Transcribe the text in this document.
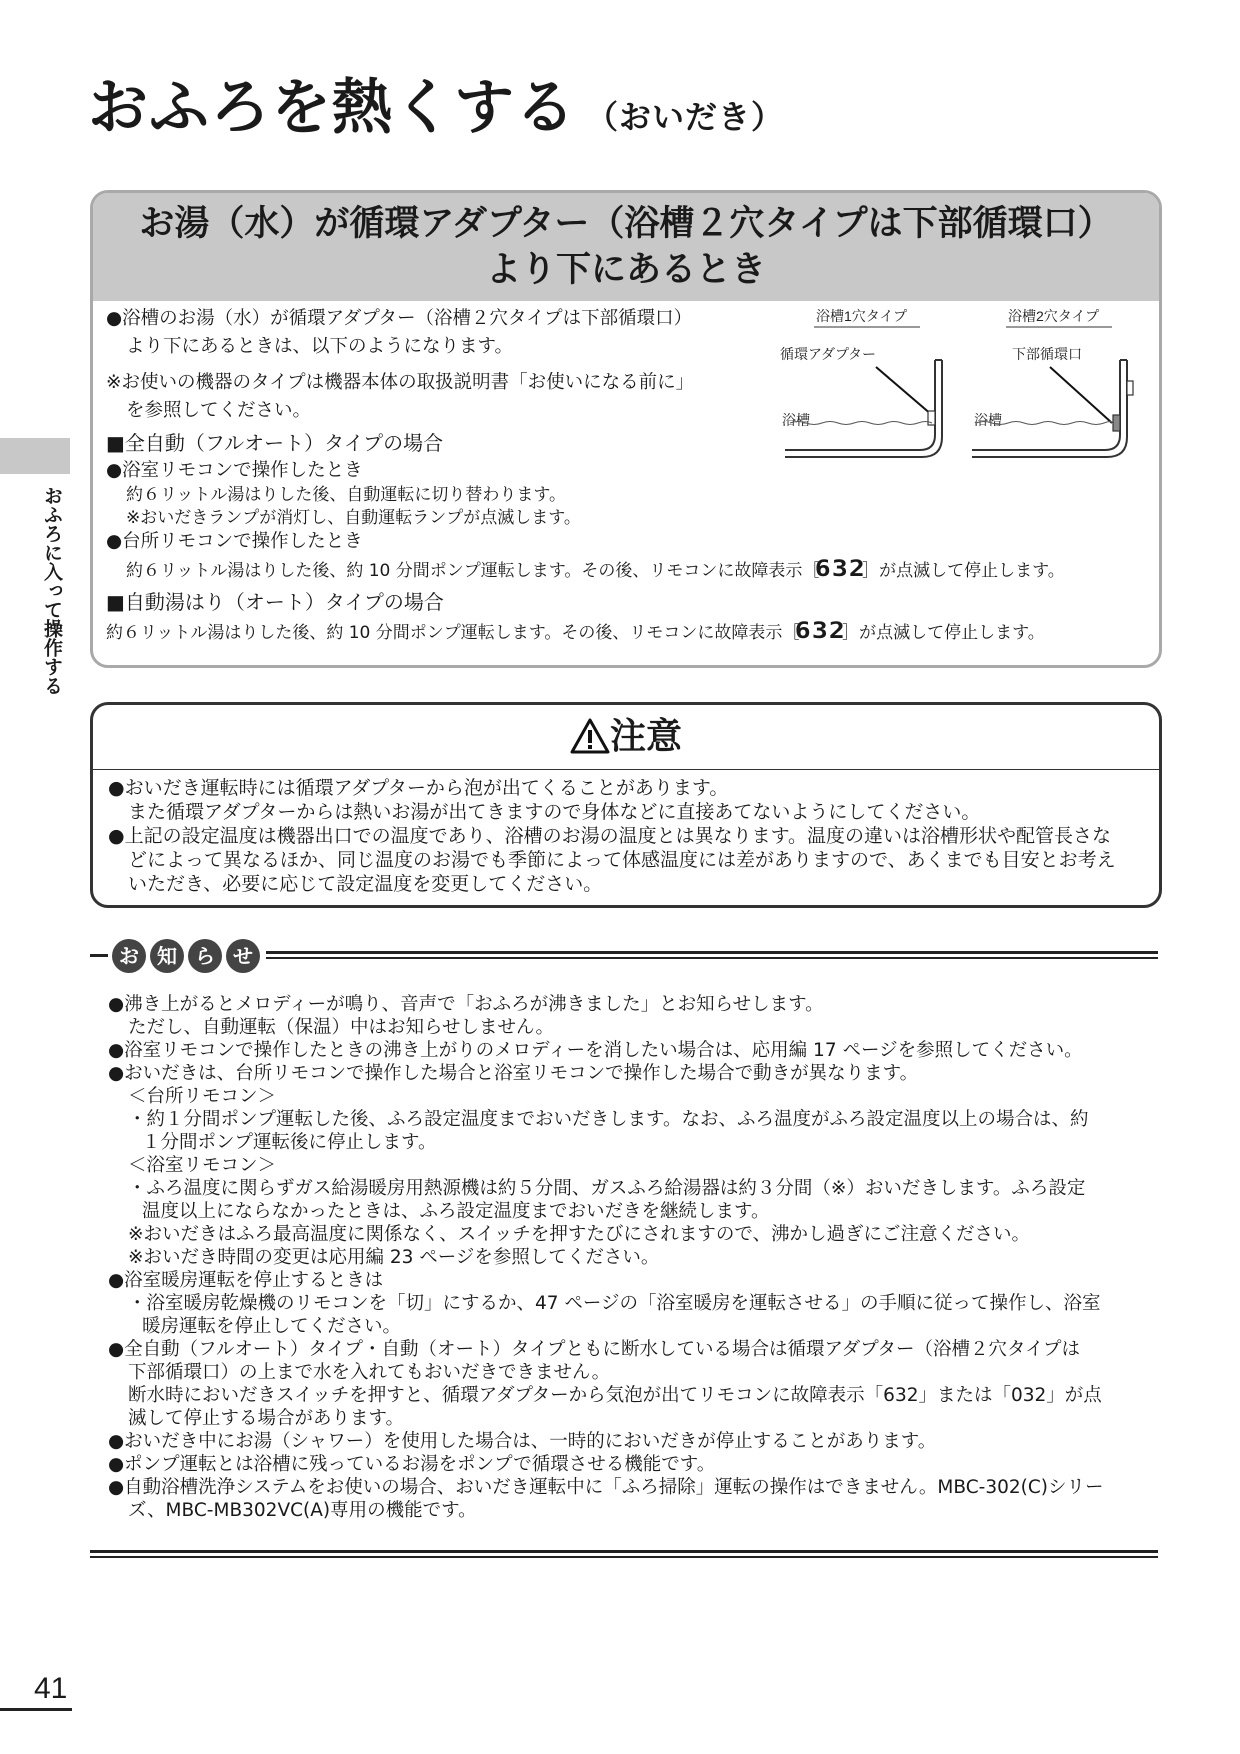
おふろを熱くする （おいだき）
おふろに入って操作する
お湯（水）が循環アダプター（浴槽２穴タイプは下部循環口）
より下にあるとき
●浴槽のお湯（水）が循環アダプター（浴槽２穴タイプは下部循環口）
より下にあるときは、以下のようになります。
※お使いの機器のタイプは機器本体の取扱説明書「お使いになる前に」
を参照してください。
■全自動（フルオート）タイプの場合
●浴室リモコンで操作したとき
約６リットル湯はりした後、自動運転に切り替わります。
※おいだきランプが消灯し、自動運転ランプが点滅します。
●台所リモコンで操作したとき
約６リットル湯はりした後、約 10 分間ポンプ運転します。その後、リモコンに故障表示［632］が点滅して停止します。
■自動湯はり（オート）タイプの場合
約６リットル湯はりした後、約 10 分間ポンプ運転します。その後、リモコンに故障表示［632］が点滅して停止します。
浴槽1穴タイプ
循環アダプター
浴槽
浴槽2穴タイプ
下部循環口
浴槽
注意
●おいだき運転時には循環アダプターから泡が出てくることがあります。
また循環アダプターからは熱いお湯が出てきますので身体などに直接あてないようにしてください。
●上記の設定温度は機器出口での温度であり、浴槽のお湯の温度とは異なります。温度の違いは浴槽形状や配管長さな
どによって異なるほか、同じ温度のお湯でも季節によって体感温度には差がありますので、あくまでも目安とお考え
いただき、必要に応じて設定温度を変更してください。
お 知 ら せ
●沸き上がるとメロディーが鳴り、音声で「おふろが沸きました」とお知らせします。
ただし、自動運転（保温）中はお知らせしません。
●浴室リモコンで操作したときの沸き上がりのメロディーを消したい場合は、応用編 17 ページを参照してください。
●おいだきは、台所リモコンで操作した場合と浴室リモコンで操作した場合で動きが異なります。
＜台所リモコン＞
・約１分間ポンプ運転した後、ふろ設定温度までおいだきします。なお、ふろ温度がふろ設定温度以上の場合は、約
１分間ポンプ運転後に停止します。
＜浴室リモコン＞
・ふろ温度に関らずガス給湯暖房用熱源機は約５分間、ガスふろ給湯器は約３分間（※）おいだきします。ふろ設定
温度以上にならなかったときは、ふろ設定温度までおいだきを継続します。
※おいだきはふろ最高温度に関係なく、スイッチを押すたびにされますので、沸かし過ぎにご注意ください。
※おいだき時間の変更は応用編 23 ページを参照してください。
●浴室暖房運転を停止するときは
・浴室暖房乾燥機のリモコンを「切」にするか、47 ページの「浴室暖房を運転させる」の手順に従って操作し、浴室
暖房運転を停止してください。
●全自動（フルオート）タイプ・自動（オート）タイプともに断水している場合は循環アダプター（浴槽２穴タイプは
下部循環口）の上まで水を入れてもおいだきできません。
断水時においだきスイッチを押すと、循環アダプターから気泡が出てリモコンに故障表示「632」または「032」が点
滅して停止する場合があります。
●おいだき中にお湯（シャワー）を使用した場合は、一時的においだきが停止することがあります。
●ポンプ運転とは浴槽に残っているお湯をポンプで循環させる機能です。
●自動浴槽洗浄システムをお使いの場合、おいだき運転中に「ふろ掃除」運転の操作はできません。MBC-302(C)シリー
ズ、MBC-MB302VC(A)専用の機能です。
41
